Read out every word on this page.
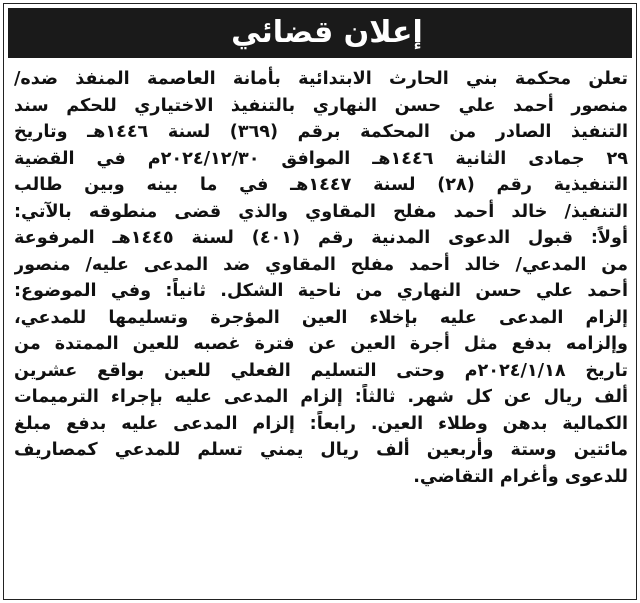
إعلان قضائي
تعلن محكمة بني الحارث الابتدائية بأمانة العاصمة المنفذ ضده/
منصور أحمد علي حسن النهاري بالتنفيذ الاختياري للحكم سند
التنفيذ الصادر من المحكمة برقم (٣٦٩) لسنة ١٤٤٦هـ وتاريخ
٢٩ جمادى الثانية ١٤٤٦هـ الموافق ٢٠٢٤/١٢/٣٠م في القضية
التنفيذية رقم (٢٨) لسنة ١٤٤٧هـ في ما بينه وبين طالب
التنفيذ/ خالد أحمد مفلح المقاوي والذي قضى منطوقه بالآتي:
أولاً: قبول الدعوى المدنية رقم (٤٠١) لسنة ١٤٤٥هـ المرفوعة
من المدعي/ خالد أحمد مفلح المقاوي ضد المدعى عليه/ منصور
أحمد علي حسن النهاري من ناحية الشكل. ثانياً: وفي الموضوع:
إلزام المدعى عليه بإخلاء العين المؤجرة وتسليمها للمدعي،
وإلزامه بدفع مثل أجرة العين عن فترة غصبه للعين الممتدة من
تاريخ ٢٠٢٤/١/١٨م وحتى التسليم الفعلي للعين بواقع عشرين
ألف ريال عن كل شهر. ثالثاً: إلزام المدعى عليه بإجراء الترميمات
الكمالية بدهن وطلاء العين. رابعاً: إلزام المدعى عليه بدفع مبلغ
مائتين وستة وأربعين ألف ريال يمني تسلم للمدعي كمصاريف
للدعوى وأغرام التقاضي.
